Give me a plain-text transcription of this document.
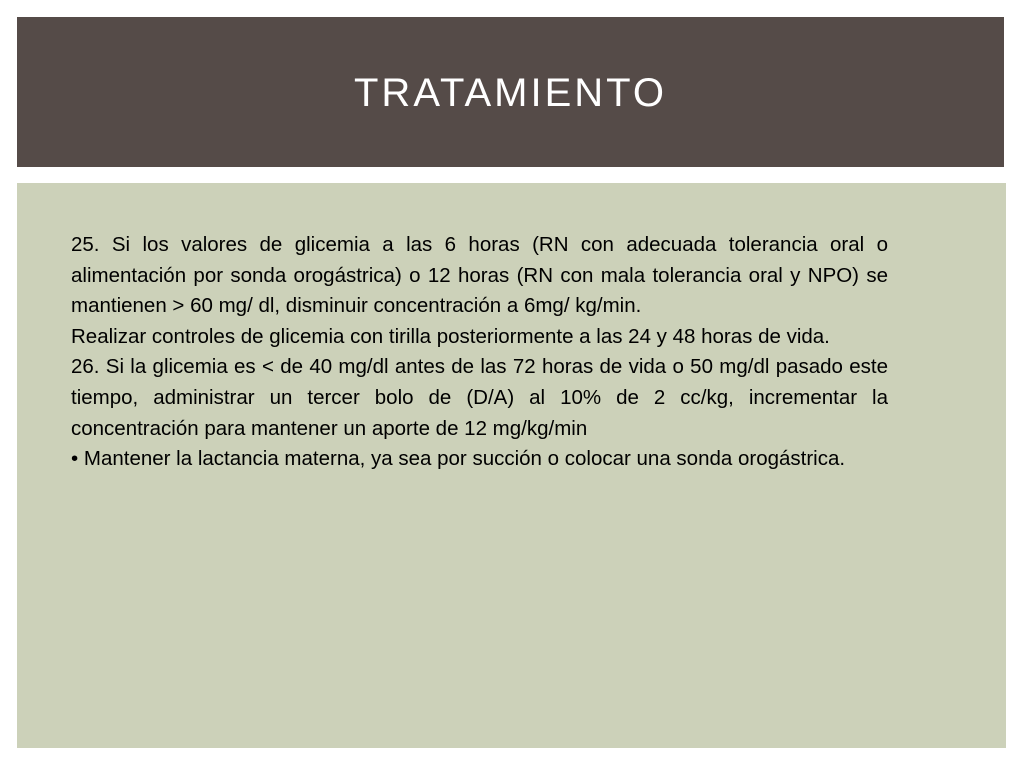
TRATAMIENTO

25. Si los valores de glicemia a las 6 horas (RN con adecuada tolerancia oral o alimentación por sonda orogástrica) o 12 horas (RN con mala tolerancia oral y NPO) se mantienen > 60 mg/ dl, disminuir concentración a 6mg/ kg/min.

Realizar controles de glicemia con tirilla posteriormente a las 24 y 48 horas de vida.

26. Si la glicemia es < de 40 mg/dl antes de las 72 horas de vida o 50 mg/dl pasado este tiempo, administrar un tercer bolo de (D/A) al 10% de 2 cc/kg, incrementar la concentración para mantener un aporte de 12 mg/kg/min

• Mantener la lactancia materna, ya sea por succión o colocar una sonda orogástrica.
